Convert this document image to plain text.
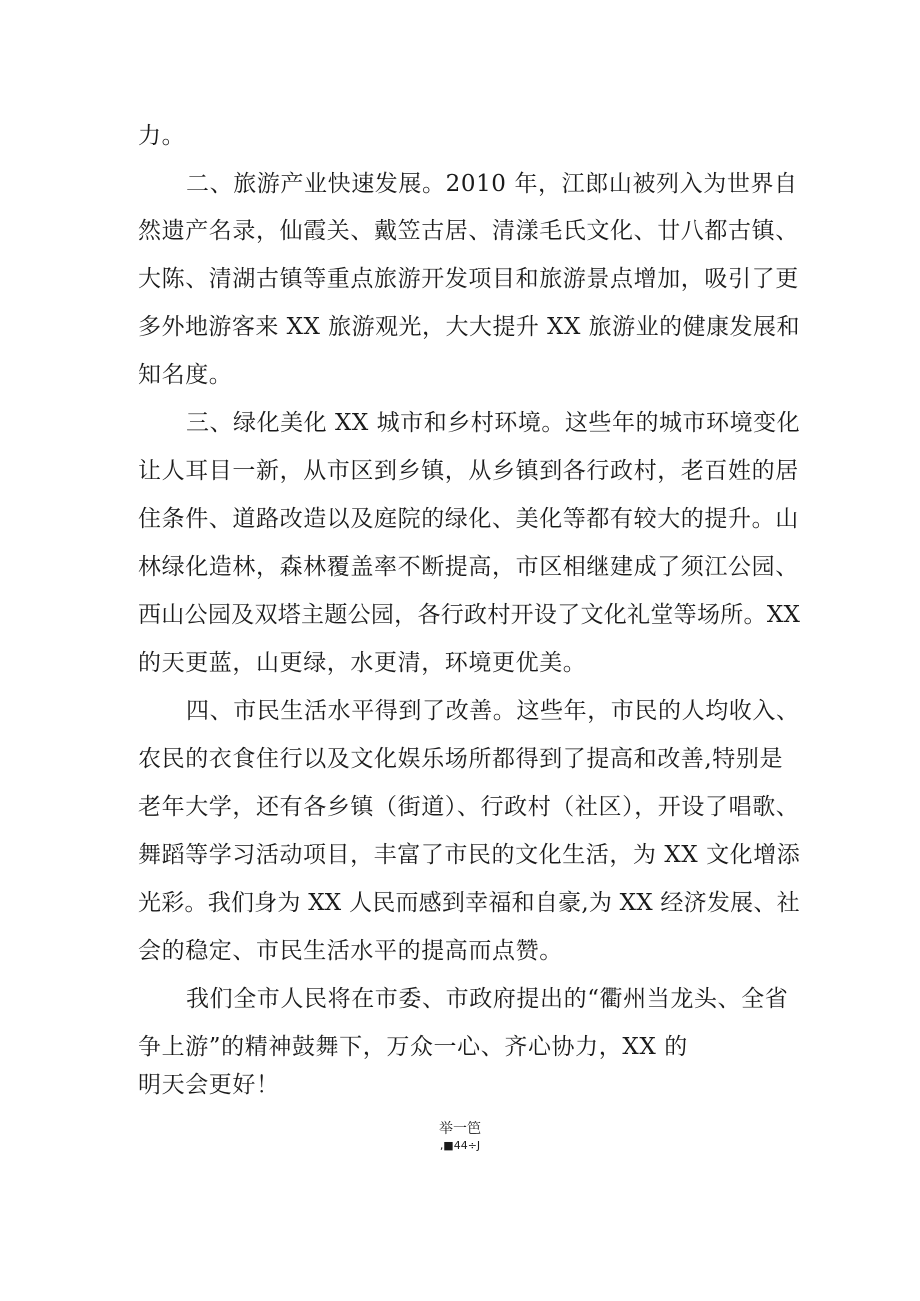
力。
二、旅游产业快速发展。2010 年，江郎山被列入为世界自
然遗产名录，仙霞关、戴笠古居、清漾毛氏文化、廿八都古镇、
大陈、清湖古镇等重点旅游开发项目和旅游景点增加，吸引了更
多外地游客来 XX 旅游观光，大大提升 XX 旅游业的健康发展和
知名度。
三、绿化美化 XX 城市和乡村环境。这些年的城市环境变化
让人耳目一新，从市区到乡镇，从乡镇到各行政村，老百姓的居
住条件、道路改造以及庭院的绿化、美化等都有较大的提升。山
林绿化造林，森林覆盖率不断提高，市区相继建成了须江公园、
西山公园及双塔主题公园，各行政村开设了文化礼堂等场所。XX
的天更蓝，山更绿，水更清，环境更优美。
四、市民生活水平得到了改善。这些年，市民的人均收入、
农民的衣食住行以及文化娱乐场所都得到了提高和改善,特别是
老年大学，还有各乡镇（街道）、行政村（社区），开设了唱歌、
舞蹈等学习活动项目，丰富了市民的文化生活，为 XX 文化增添
光彩。我们身为 XX 人民而感到幸福和自豪,为 XX 经济发展、社
会的稳定、市民生活水平的提高而点赞。
我们全市人民将在市委、市政府提出的“衢州当龙头、全省
争上游”的精神鼓舞下，万众一心、齐心协力，XX 的
明天会更好！
举一笆
,■44÷J
